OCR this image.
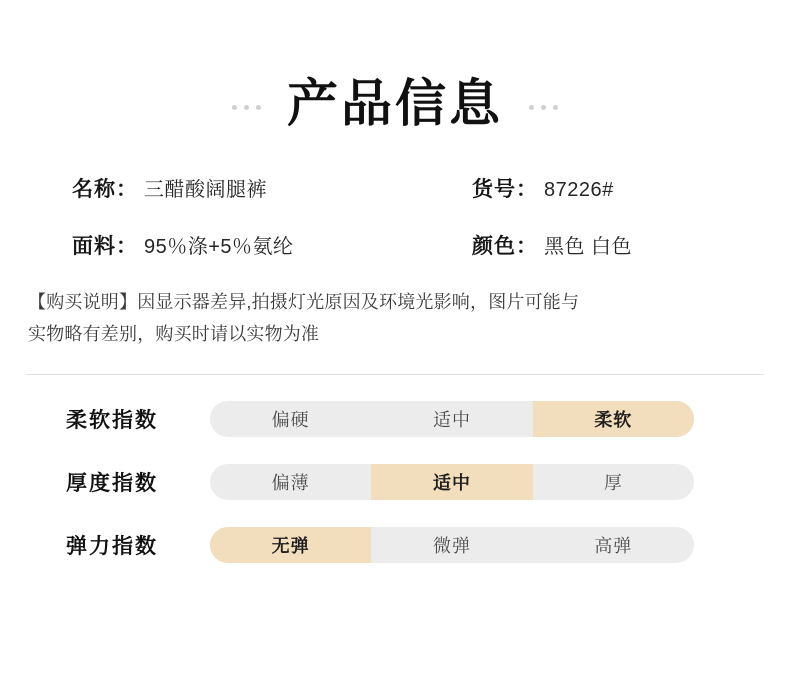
产品信息
名称： 三醋酸阔腿裤	货号： 87226#
面料： 95％涤+5％氨纶	颜色： 黑色 白色
【购买说明】因显示器差异,拍摄灯光原因及环境光影响，图片可能与
实物略有差别，购买时请以实物为准
柔软指数	偏硬	适中	柔软
厚度指数	偏薄	适中	厚
弹力指数	无弹	微弹	高弹
